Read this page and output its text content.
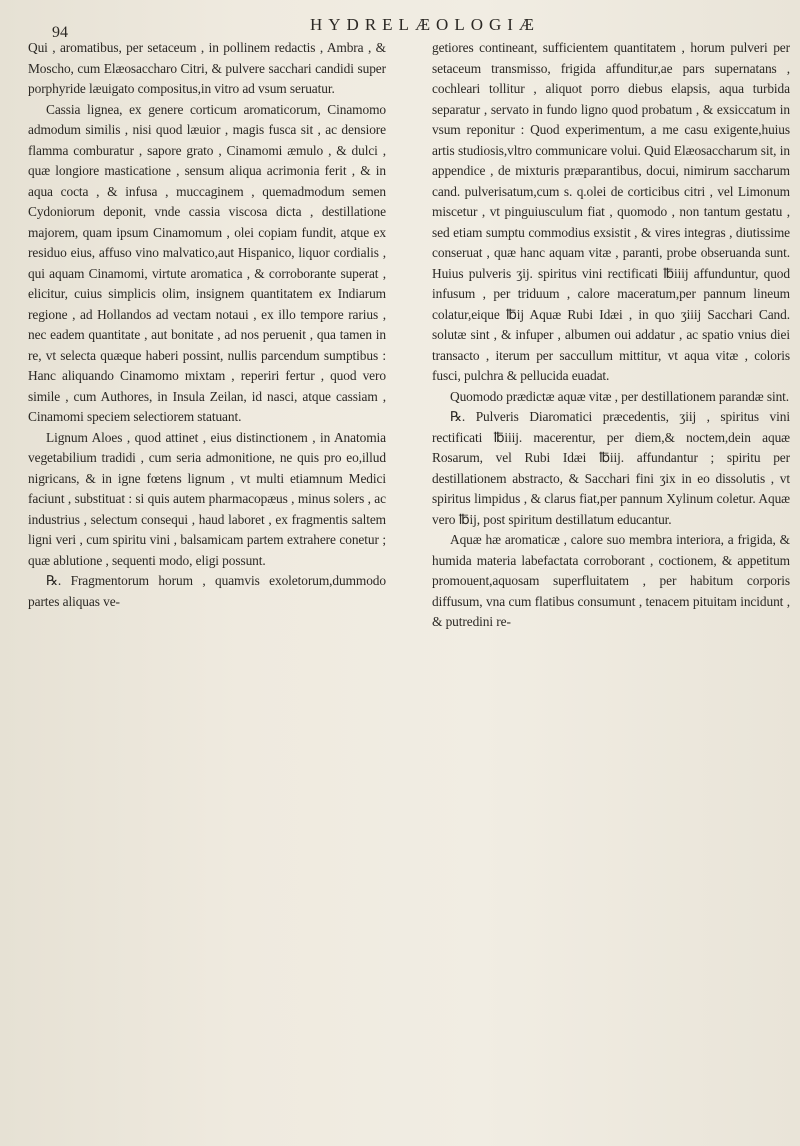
94	HYDRELÆOLOGIÆ

Qui , aromatibus, per setaceum , in pollinem redactis , Ambra , & Moscho, cum Elæosaccharo Citri, & pulvere sacchari candidi super porphyride læuigato compositus,in vitro ad vsum seruatur.

Cassia lignea, ex genere corticum aromaticorum, Cinamomo admodum similis , nisi quod læuior , magis fusca sit , ac densiore flamma comburatur , sapore grato , Cinamomi æmulo , & dulci , quæ longiore masticatione , sensum aliqua acrimonia ferit , & in aqua cocta , & infusa , muccaginem , quemadmodum semen Cydoniorum deponit, vnde cassia viscosa dicta , destillatione majorem, quam ipsum Cinamomum , olei copiam fundit, atque ex residuo eius, affuso vino malvatico,aut Hispanico, liquor cordialis , qui aquam Cinamomi, virtute aromatica , & corroborante superat , elicitur, cuius simplicis olim, insignem quantitatem ex Indiarum regione , ad Hollandos ad vectam notaui , ex illo tempore rarius , nec eadem quantitate , aut bonitate , ad nos peruenit , qua tamen in re, vt selecta quæque haberi possint, nullis parcendum sumptibus : Hanc aliquando Cinamomo mixtam , reperiri fertur , quod vero simile , cum Authores, in Insula Zeilan, id nasci, atque cassiam , Cinamomi speciem selectiorem statuant.

Lignum Aloes , quod attinet , eius distinctionem , in Anatomia vegetabilium tradidi , cum seria admonitione, ne quis pro eo,illud nigricans, & in igne fœtens lignum , vt multi etiamnum Medici faciunt , substituat : si quis autem pharmacopæus , minus solers , ac industrius , selectum consequi , haud laboret , ex fragmentis saltem ligni veri , cum spiritu vini , balsamicam partem extrahere conetur ; quæ ablutione , sequenti modo, eligi possunt.

℞. Fragmentorum horum , quamvis exoletorum,dummodo partes aliquas ve-

getiores contineant, sufficientem quantitatem , horum pulveri per setaceum transmisso, frigida affunditur,ae pars supernatans , cochleari tollitur , aliquot porro diebus elapsis, aqua turbida separatur , servato in fundo ligno quod probatum , & exsiccatum in vsum reponitur : Quod experimentum, a me casu exigente,huius artis studiosis,vltro communicare volui. Quid Elæosaccharum sit, in appendice , de mixturis præparantibus, docui, nimirum saccharum cand. pulverisatum,cum s. q.olei de corticibus citri , vel Limonum miscetur , vt pinguiusculum fiat , quomodo , non tantum gestatu , sed etiam sumptu commodius exsistit , & vires integras , diutissime conseruat , quæ hanc aquam vitæ , paranti, probe obseruanda sunt. Huius pulveris ʒij. spiritus vini rectificati ℔iiij affunduntur, quod infusum , per triduum , calore maceratum,per pannum lineum colatur,eique ℔ij Aquæ Rubi Idæi , in quo ʒiiij Sacchari Cand. solutæ sint , & infuper , albumen oui addatur , ac spatio vnius diei transacto , iterum per saccullum mittitur, vt aqua vitæ , coloris fusci, pulchra & pellucida euadat.

Quomodo prædictæ aquæ vitæ , per destillationem parandæ sint.

℞. Pulveris Diaromatici præcedentis, ʒiij , spiritus vini rectificati ℔iiij. macerentur, per diem,& noctem,dein aquæ Rosarum, vel Rubi Idæi ℔iij. affundantur ; spiritu per destillationem abstracto, & Sacchari fini ʒix in eo dissolutis , vt spiritus limpidus , & clarus fiat,per pannum Xylinum coletur. Aquæ vero ℔ij, post spiritum destillatum educantur.

Aquæ hæ aromaticæ , calore suo membra interiora, a frigida, & humida materia labefactata corroborant , coctionem, & appetitum promouent,aquosam superfluitatem , per habitum corporis diffusum, vna cum flatibus consumunt , tenacem pituitam incidunt , & putredini re-
